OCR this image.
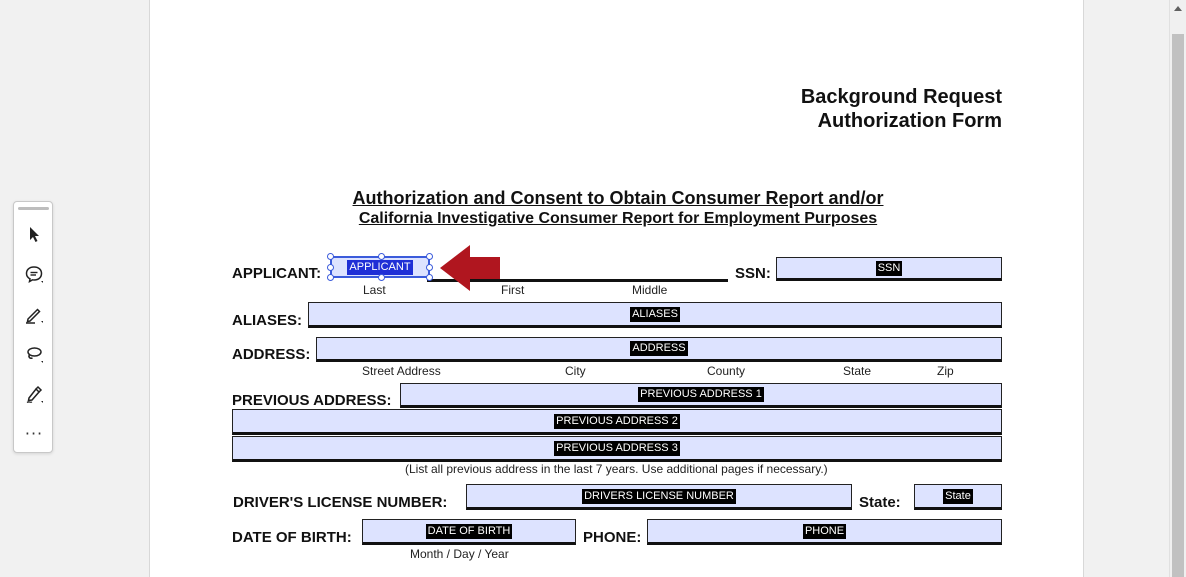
···
Background Request
Authorization Form
Authorization and Consent to Obtain Consumer Report and/or
California Investigative Consumer Report for Employment Purposes
APPLICANT:	APPLICANT
Last	First	Middle
SSN:	SSN
ALIASES:	ALIASES
ADDRESS:	ADDRESS
Street Address	City	County	State	Zip
PREVIOUS ADDRESS:	PREVIOUS ADDRESS 1
PREVIOUS ADDRESS 2
PREVIOUS ADDRESS 3
(List all previous address in the last 7 years. Use additional pages if necessary.)
DRIVER'S LICENSE NUMBER:	DRIVERS LICENSE NUMBER	State:	State
DATE OF BIRTH:	DATE OF BIRTH
Month / Day / Year
PHONE:	PHONE
